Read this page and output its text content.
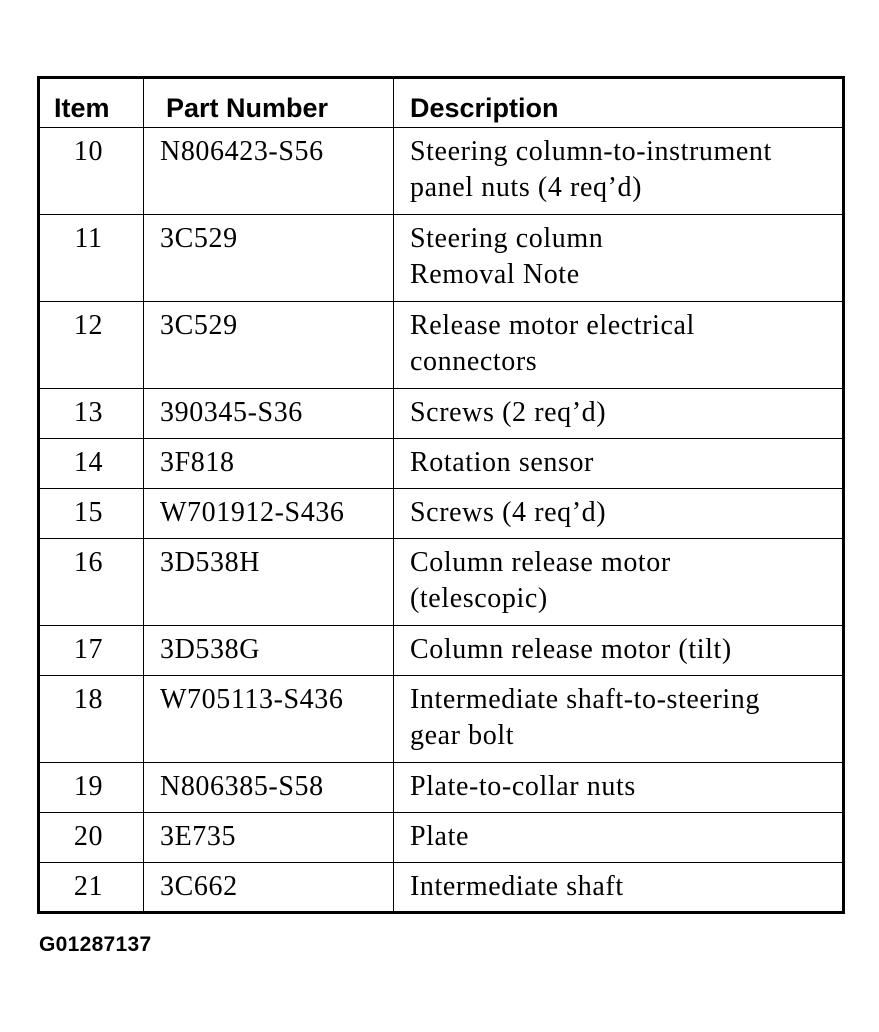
Item	Part Number	Description
10	N806423-S56	Steering column-to-instrument
panel nuts (4 req’d)

11	3C529	Steering column
Removal Note

12	3C529	Release motor electrical
connectors

13	390345-S36	Screws (2 req’d)

14	3F818	Rotation sensor

15	W701912-S436	Screws (4 req’d)

16	3D538H	Column release motor
(telescopic)

17	3D538G	Column release motor (tilt)

18	W705113-S436	Intermediate shaft-to-steering
gear bolt

19	N806385-S58	Plate-to-collar nuts

20	3E735	Plate

21	3C662	Intermediate shaft
G01287137
